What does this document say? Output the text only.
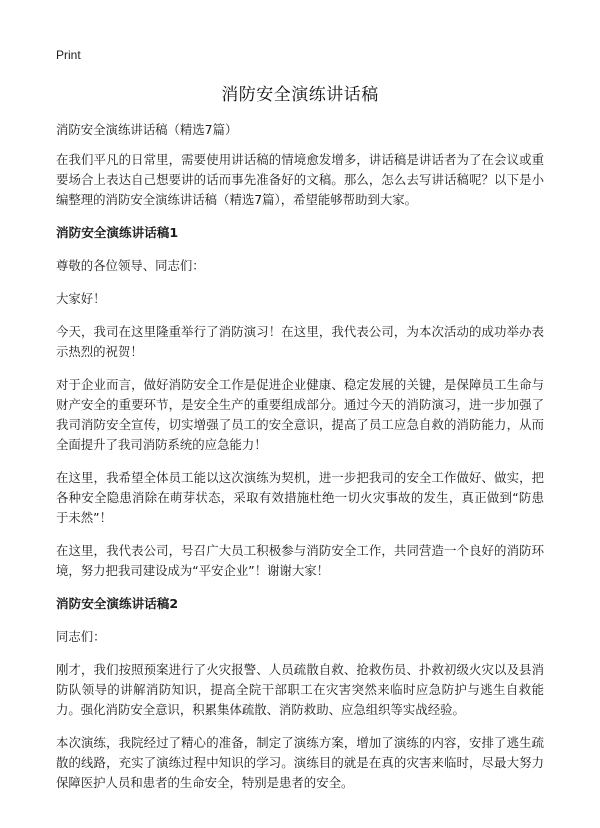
Print
消防安全演练讲话稿
消防安全演练讲话稿（精选7篇）

在我们平凡的日常里，需要使用讲话稿的情境愈发增多，讲话稿是讲话者为了在会议或重要场合上表达自己想要讲的话而事先准备好的文稿。那么，怎么去写讲话稿呢？以下是小编整理的消防安全演练讲话稿（精选7篇），希望能够帮助到大家。

消防安全演练讲话稿1

尊敬的各位领导、同志们：

大家好！

今天，我司在这里隆重举行了消防演习！在这里，我代表公司，为本次活动的成功举办表示热烈的祝贺！

对于企业而言，做好消防安全工作是促进企业健康、稳定发展的关键，是保障员工生命与财产安全的重要环节，是安全生产的重要组成部分。通过今天的消防演习，进一步加强了我司消防安全宣传，切实增强了员工的安全意识，提高了员工应急自救的消防能力，从而全面提升了我司消防系统的应急能力！

在这里，我希望全体员工能以这次演练为契机，进一步把我司的安全工作做好、做实，把各种安全隐患消除在萌芽状态，采取有效措施杜绝一切火灾事故的发生，真正做到“防患于未然”！

在这里，我代表公司，号召广大员工积极参与消防安全工作，共同营造一个良好的消防环境，努力把我司建设成为“平安企业”！谢谢大家！

消防安全演练讲话稿2

同志们：

刚才，我们按照预案进行了火灾报警、人员疏散自救、抢救伤员、扑救初级火灾以及县消防队领导的讲解消防知识，提高全院干部职工在灾害突然来临时应急防护与逃生自救能力。强化消防安全意识，积累集体疏散、消防救助、应急组织等实战经验。

本次演练，我院经过了精心的准备，制定了演练方案，增加了演练的内容，安排了逃生疏散的线路，充实了演练过程中知识的学习。演练目的就是在真的灾害来临时，尽最大努力保障医护人员和患者的生命安全，特别是患者的安全。
